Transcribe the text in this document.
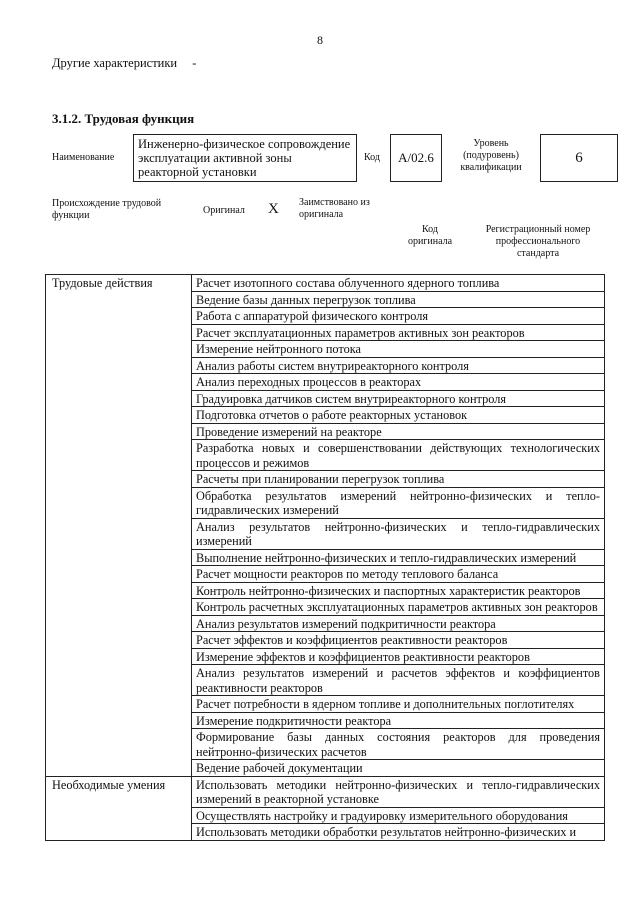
8
Другие характеристики -
3.1.2. Трудовая функция
Наименование
Инженерно-физическое сопровождение эксплуатации активной зоны реакторной установки
Код	A/02.6
Уровень (подуровень) квалификации
6
Происхождение трудовой функции	Оригинал X Заимствовано из оригинала
Код оригинала
Регистрационный номер профессионального стандарта
Трудовые действия	Расчет изотопного состава облученного ядерного топлива
	Ведение базы данных перегрузок топлива
	Работа с аппаратурой физического контроля
	Расчет эксплуатационных параметров активных зон реакторов
	Измерение нейтронного потока
	Анализ работы систем внутриреакторного контроля
	Анализ переходных процессов в реакторах
	Градуировка датчиков систем внутриреакторного контроля
	Подготовка отчетов о работе реакторных установок
	Проведение измерений на реакторе
	Разработка новых и совершенствовании действующих технологических процессов и режимов
	Расчеты при планировании перегрузок топлива
	Обработка результатов измерений нейтронно-физических и тепло-гидравлических измерений
	Анализ результатов нейтронно-физических и тепло-гидравлических измерений
	Выполнение нейтронно-физических и тепло-гидравлических измерений
	Расчет мощности реакторов по методу теплового баланса
	Контроль нейтронно-физических и паспортных характеристик реакторов
	Контроль расчетных эксплуатационных параметров активных зон реакторов
	Анализ результатов измерений подкритичности реактора
	Расчет эффектов и коэффициентов реактивности реакторов
	Измерение эффектов и коэффициентов реактивности реакторов
	Анализ результатов измерений и расчетов эффектов и коэффициентов реактивности реакторов
	Расчет потребности в ядерном топливе и дополнительных поглотителях
	Измерение подкритичности реактора
	Формирование базы данных состояния реакторов для проведения нейтронно-физических расчетов
	Ведение рабочей документации
Необходимые умения	Использовать методики нейтронно-физических и тепло-гидравлических измерений в реакторной установке
	Осуществлять настройку и градуировку измерительного оборудования
	Использовать методики обработки результатов нейтронно-физических и
